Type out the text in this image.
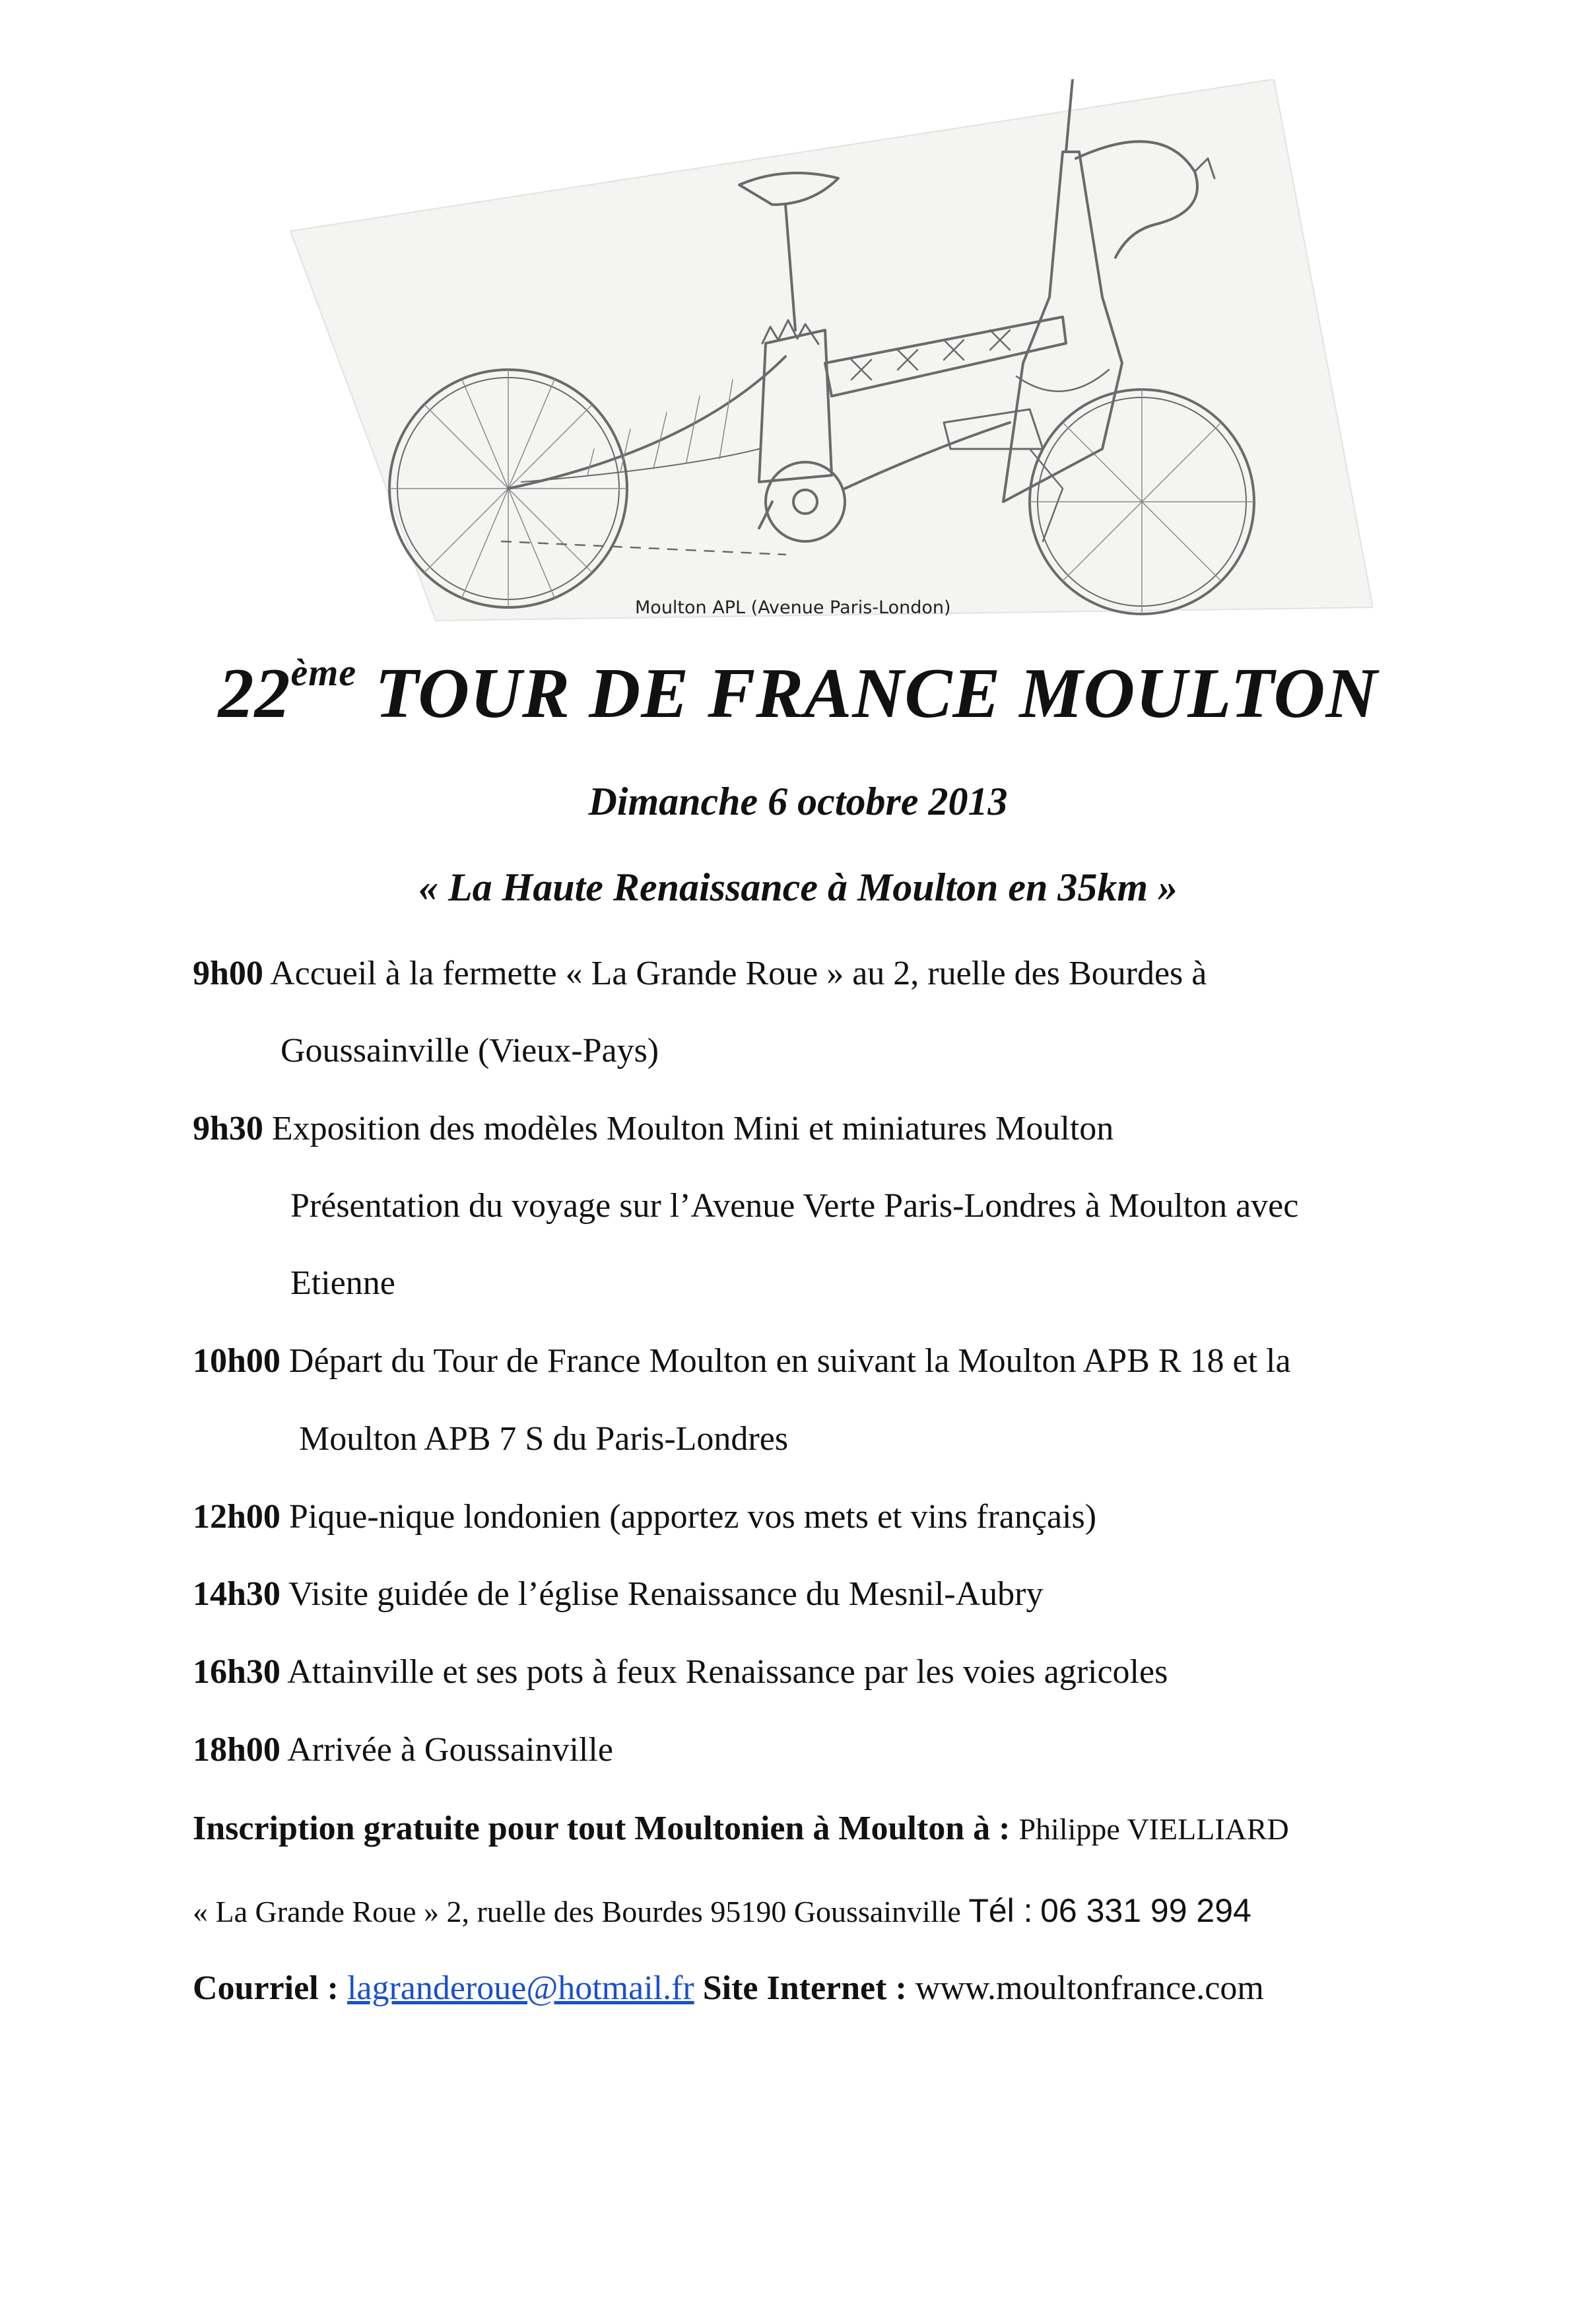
Moulton APL (Avenue Paris-London)
22ème TOUR DE FRANCE MOULTON
Dimanche 6 octobre 2013
« La Haute Renaissance à Moulton en 35km »
9h00 Accueil à la fermette « La Grande Roue » au 2, ruelle des Bourdes à
Goussainville (Vieux-Pays)
9h30 Exposition des modèles Moulton Mini et miniatures Moulton
Présentation du voyage sur l’Avenue Verte Paris-Londres à Moulton avec
Etienne
10h00 Départ du Tour de France Moulton en suivant la Moulton APB R 18 et la
Moulton APB 7 S du Paris-Londres
12h00 Pique-nique londonien (apportez vos mets et vins français)
14h30 Visite guidée de l’église Renaissance du Mesnil-Aubry
16h30 Attainville et ses pots à feux Renaissance par les voies agricoles
18h00 Arrivée à Goussainville
Inscription gratuite pour tout Moultonien à Moulton à : Philippe VIELLIARD
« La Grande Roue » 2, ruelle des Bourdes 95190 Goussainville Tél : 06 331 99 294
Courriel : lagranderoue@hotmail.fr Site Internet : www.moultonfrance.com
